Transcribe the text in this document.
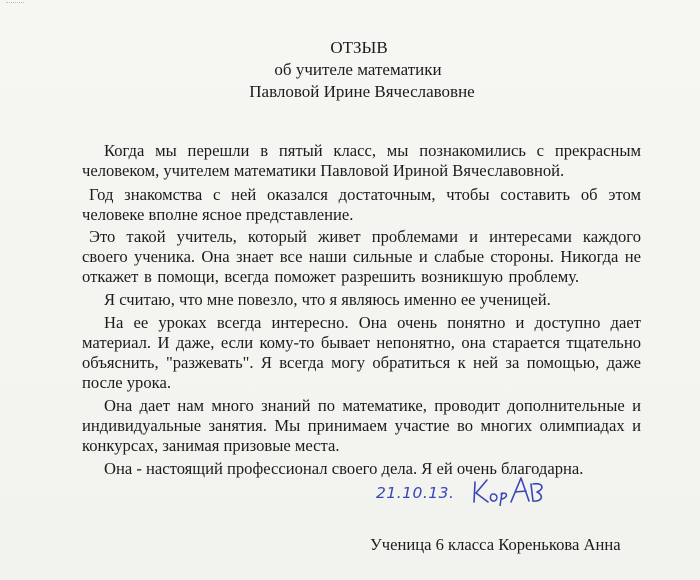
ОТЗЫВ
об учителе математики
Павловой Ирине Вячеславовне
Когда мы перешли в пятый класс, мы познакомились с прекрасным
человеком, учителем математики Павловой Ириной Вячеславовной.
Год знакомства с ней оказался достаточным, чтобы составить об этом
человеке вполне ясное представление.
Это такой учитель, который живет проблемами и интересами каждого
своего ученика. Она знает все наши сильные и слабые стороны. Никогда не
откажет в помощи, всегда поможет разрешить возникшую проблему.
Я считаю, что мне повезло, что я являюсь именно ее ученицей.
На ее уроках всегда интересно. Она очень понятно и доступно дает
материал. И даже, если кому-то бывает непонятно, она старается тщательно
объяснить, "разжевать". Я всегда могу обратиться к ней за помощью, даже
после урока.
Она дает нам много знаний по математике, проводит дополнительные и
индивидуальные занятия. Мы принимаем участие во многих олимпиадах и
конкурсах, занимая призовые места.
Она - настоящий профессионал своего дела. Я ей очень благодарна.
21.10.13.
Ученица 6 класса Коренькова Анна
